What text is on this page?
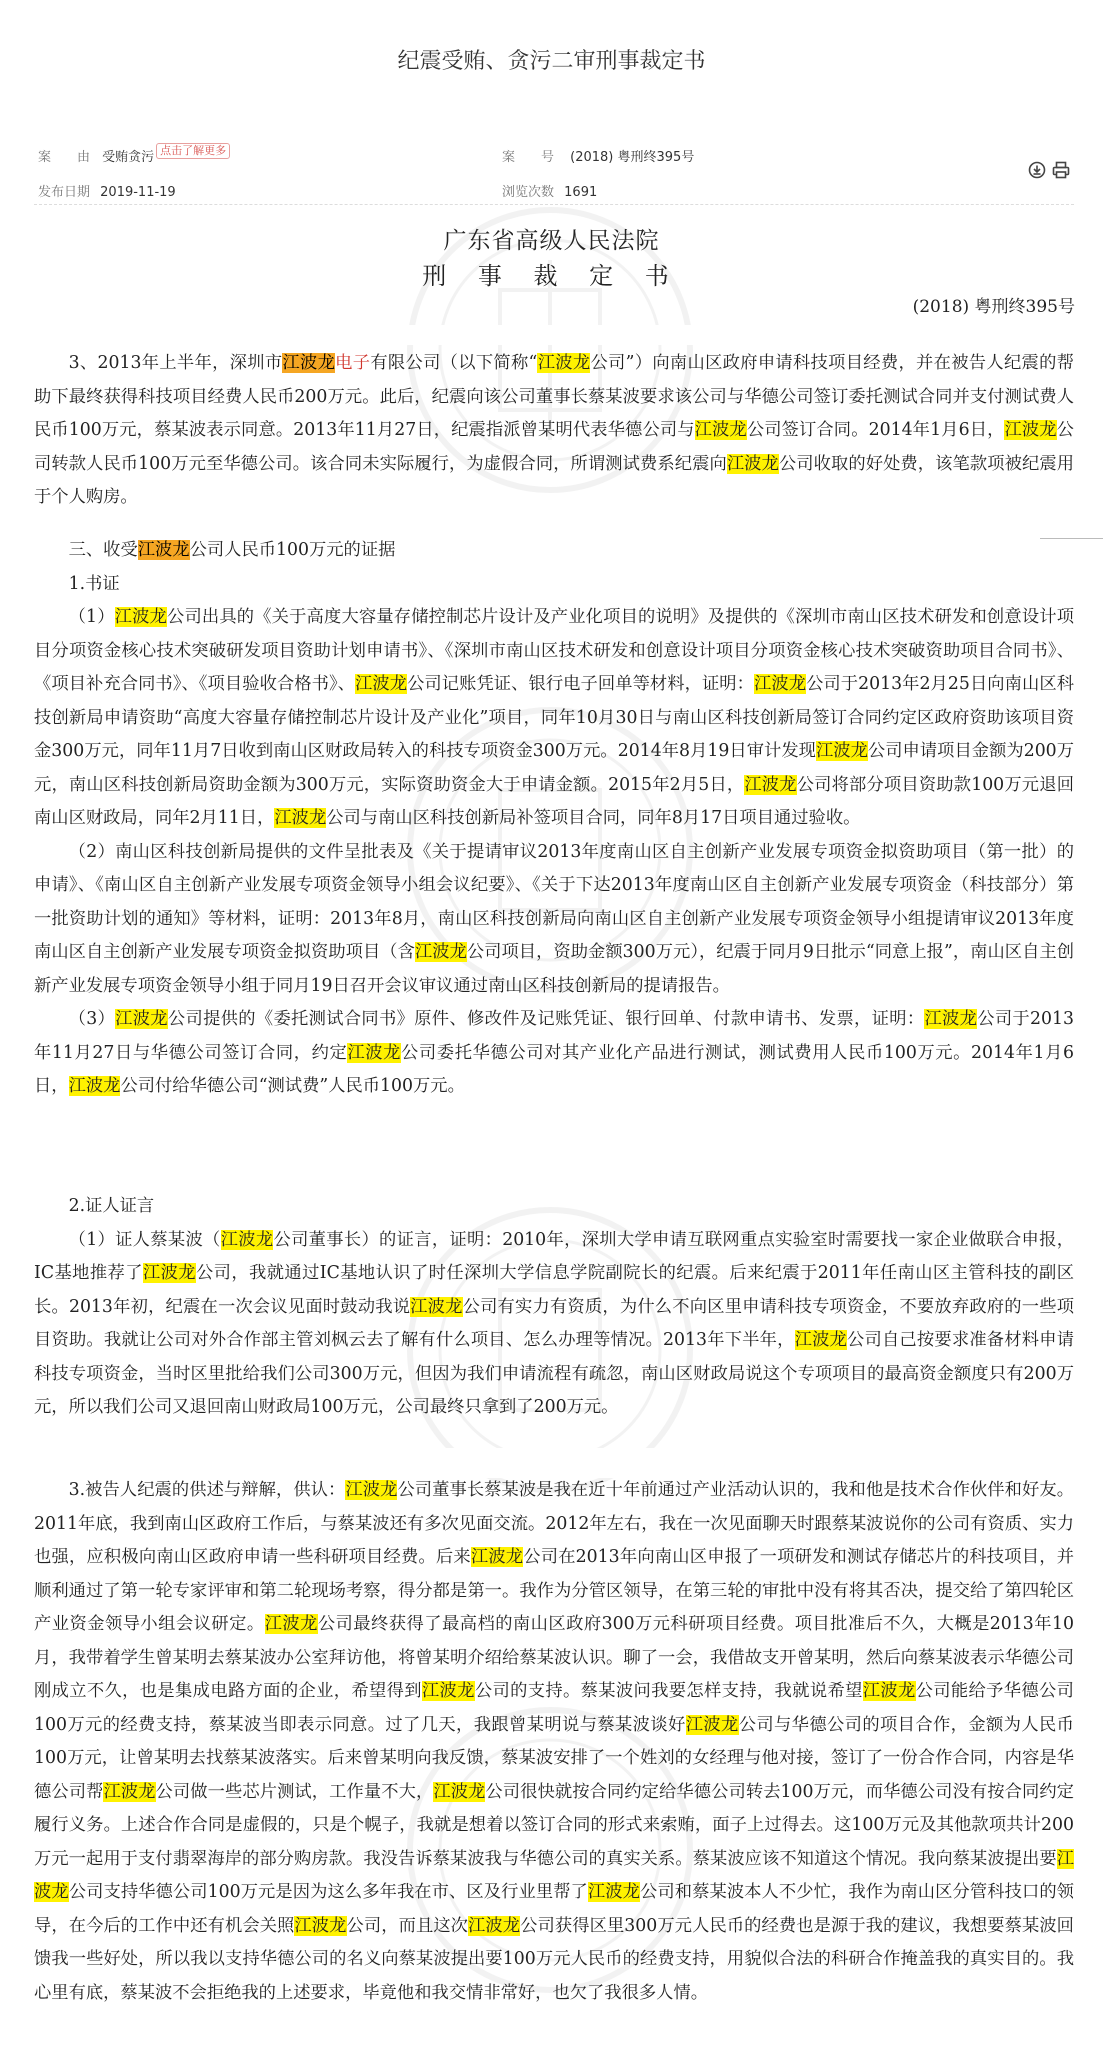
纪震受贿、贪污二审刑事裁定书
案　　由 受贿贪污 点击了解更多	案　　号 (2018) 粤刑终395号
发布日期 2019-11-19	浏览次数 1691
广东省高级人民法院
刑 事 裁 定 书
(2018) 粤刑终395号

3、2013年上半年，深圳市江波龙电子有限公司（以下简称“江波龙公司”）向南山区政府申请科技项目经费，并在被告人纪震的帮助下最终获得科技项目经费人民币200万元。此后，纪震向该公司董事长蔡某波要求该公司与华德公司签订委托测试合同并支付测试费人民币100万元，蔡某波表示同意。2013年11月27日，纪震指派曾某明代表华德公司与江波龙公司签订合同。2014年1月6日，江波龙公司转款人民币100万元至华德公司。该合同未实际履行，为虚假合同，所谓测试费系纪震向江波龙公司收取的好处费，该笔款项被纪震用于个人购房。

三、收受江波龙公司人民币100万元的证据

1.书证

（1）江波龙公司出具的《关于高度大容量存储控制芯片设计及产业化项目的说明》及提供的《深圳市南山区技术研发和创意设计项目分项资金核心技术突破研发项目资助计划申请书》、《深圳市南山区技术研发和创意设计项目分项资金核心技术突破资助项目合同书》、《项目补充合同书》、《项目验收合格书》、江波龙公司记账凭证、银行电子回单等材料，证明：江波龙公司于2013年2月25日向南山区科技创新局申请资助“高度大容量存储控制芯片设计及产业化”项目，同年10月30日与南山区科技创新局签订合同约定区政府资助该项目资金300万元，同年11月7日收到南山区财政局转入的科技专项资金300万元。2014年8月19日审计发现江波龙公司申请项目金额为200万元，南山区科技创新局资助金额为300万元，实际资助资金大于申请金额。2015年2月5日，江波龙公司将部分项目资助款100万元退回南山区财政局，同年2月11日，江波龙公司与南山区科技创新局补签项目合同，同年8月17日项目通过验收。

（2）南山区科技创新局提供的文件呈批表及《关于提请审议2013年度南山区自主创新产业发展专项资金拟资助项目（第一批）的申请》、《南山区自主创新产业发展专项资金领导小组会议纪要》、《关于下达2013年度南山区自主创新产业发展专项资金（科技部分）第一批资助计划的通知》等材料，证明：2013年8月，南山区科技创新局向南山区自主创新产业发展专项资金领导小组提请审议2013年度南山区自主创新产业发展专项资金拟资助项目（含江波龙公司项目，资助金额300万元），纪震于同月9日批示“同意上报”，南山区自主创新产业发展专项资金领导小组于同月19日召开会议审议通过南山区科技创新局的提请报告。

（3）江波龙公司提供的《委托测试合同书》原件、修改件及记账凭证、银行回单、付款申请书、发票，证明：江波龙公司于2013年11月27日与华德公司签订合同，约定江波龙公司委托华德公司对其产业化产品进行测试，测试费用人民币100万元。2014年1月6日，江波龙公司付给华德公司“测试费”人民币100万元。

2.证人证言

（1）证人蔡某波（江波龙公司董事长）的证言，证明：2010年，深圳大学申请互联网重点实验室时需要找一家企业做联合申报，IC基地推荐了江波龙公司，我就通过IC基地认识了时任深圳大学信息学院副院长的纪震。后来纪震于2011年任南山区主管科技的副区长。2013年初，纪震在一次会议见面时鼓动我说江波龙公司有实力有资质，为什么不向区里申请科技专项资金，不要放弃政府的一些项目资助。我就让公司对外合作部主管刘枫云去了解有什么项目、怎么办理等情况。2013年下半年，江波龙公司自己按要求准备材料申请科技专项资金，当时区里批给我们公司300万元，但因为我们申请流程有疏忽，南山区财政局说这个专项项目的最高资金额度只有200万元，所以我们公司又退回南山财政局100万元，公司最终只拿到了200万元。

3.被告人纪震的供述与辩解，供认：江波龙公司董事长蔡某波是我在近十年前通过产业活动认识的，我和他是技术合作伙伴和好友。2011年底，我到南山区政府工作后，与蔡某波还有多次见面交流。2012年左右，我在一次见面聊天时跟蔡某波说你的公司有资质、实力也强，应积极向南山区政府申请一些科研项目经费。后来江波龙公司在2013年向南山区申报了一项研发和测试存储芯片的科技项目，并顺利通过了第一轮专家评审和第二轮现场考察，得分都是第一。我作为分管区领导，在第三轮的审批中没有将其否决，提交给了第四轮区产业资金领导小组会议研定。江波龙公司最终获得了最高档的南山区政府300万元科研项目经费。项目批准后不久，大概是2013年10月，我带着学生曾某明去蔡某波办公室拜访他，将曾某明介绍给蔡某波认识。聊了一会，我借故支开曾某明，然后向蔡某波表示华德公司刚成立不久，也是集成电路方面的企业，希望得到江波龙公司的支持。蔡某波问我要怎样支持，我就说希望江波龙公司能给予华德公司100万元的经费支持，蔡某波当即表示同意。过了几天，我跟曾某明说与蔡某波谈好江波龙公司与华德公司的项目合作，金额为人民币100万元，让曾某明去找蔡某波落实。后来曾某明向我反馈，蔡某波安排了一个姓刘的女经理与他对接，签订了一份合作合同，内容是华德公司帮江波龙公司做一些芯片测试，工作量不大，江波龙公司很快就按合同约定给华德公司转去100万元，而华德公司没有按合同约定履行义务。上述合作合同是虚假的，只是个幌子，我就是想着以签订合同的形式来索贿，面子上过得去。这100万元及其他款项共计200万元一起用于支付翡翠海岸的部分购房款。我没告诉蔡某波我与华德公司的真实关系。蔡某波应该不知道这个情况。我向蔡某波提出要江波龙公司支持华德公司100万元是因为这么多年我在市、区及行业里帮了江波龙公司和蔡某波本人不少忙，我作为南山区分管科技口的领导，在今后的工作中还有机会关照江波龙公司，而且这次江波龙公司获得区里300万元人民币的经费也是源于我的建议，我想要蔡某波回馈我一些好处，所以我以支持华德公司的名义向蔡某波提出要100万元人民币的经费支持，用貌似合法的科研合作掩盖我的真实目的。我心里有底，蔡某波不会拒绝我的上述要求，毕竟他和我交情非常好，也欠了我很多人情。
